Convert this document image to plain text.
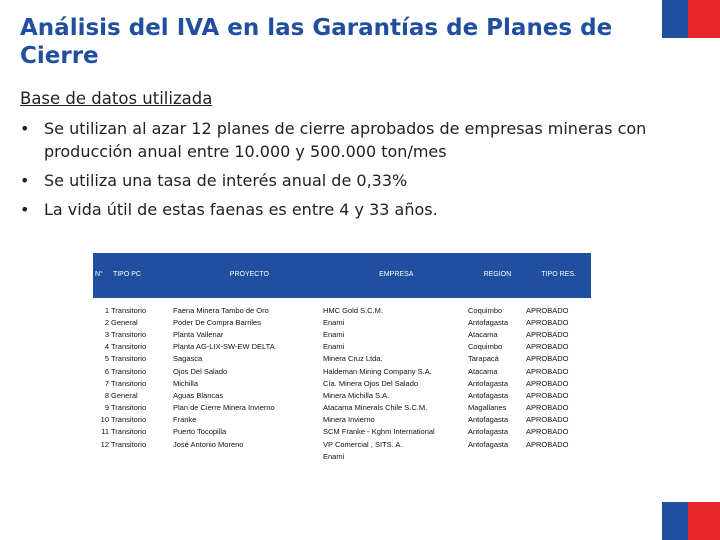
Análisis del IVA en las Garantías de Planes de Cierre
Base de datos utilizada
• Se utilizan al azar 12 planes de cierre aprobados de empresas mineras con producción anual entre 10.000 y 500.000 ton/mes
• Se utiliza una tasa de interés anual de 0,33%
• La vida útil de estas faenas es entre 4 y 33 años.
N°	TIPO PC	PROYECTO	EMPRESA	REGION	TIPO RES.
1 Transitorio	Faena Minera Tambo de Oro	HMC Gold S.C.M.	Coquimbo	APROBADO
2 General	Poder De Compra Barriles	Enami	Antofagasta	APROBADO
3 Transitorio	Planta Vallenar	Enami	Atacama	APROBADO
4 Transitorio	Planta AG-LIX-SW-EW DELTA	Enami	Coquimbo	APROBADO
5 Transitorio	Sagasca	Minera Cruz Ltda.	Tarapacá	APROBADO
6 Transitorio	Ojos Del Salado	Haldeman Mining Company S.A.	Atacama	APROBADO
7 Transitorio	Michilla	Cía. Minera Ojos Del Salado	Antofagasta	APROBADO
8 General	Aguas Blancas	Minera Michilla S.A.	Antofagasta	APROBADO
9 Transitorio	Plan de Cierre Minera Invierno	Atacama Minerals Chile S.C.M.	Magallanes	APROBADO
10 Transitorio	Franke	Minera Invierno	Antofagasta	APROBADO
11 Transitorio	Puerto Tocopilla	SCM Franke - Kghm International	Antofagasta	APROBADO
12 Transitorio	José Antonio Moreno	VP Comercial , SITS. A.	Antofagasta	APROBADO
Enami
